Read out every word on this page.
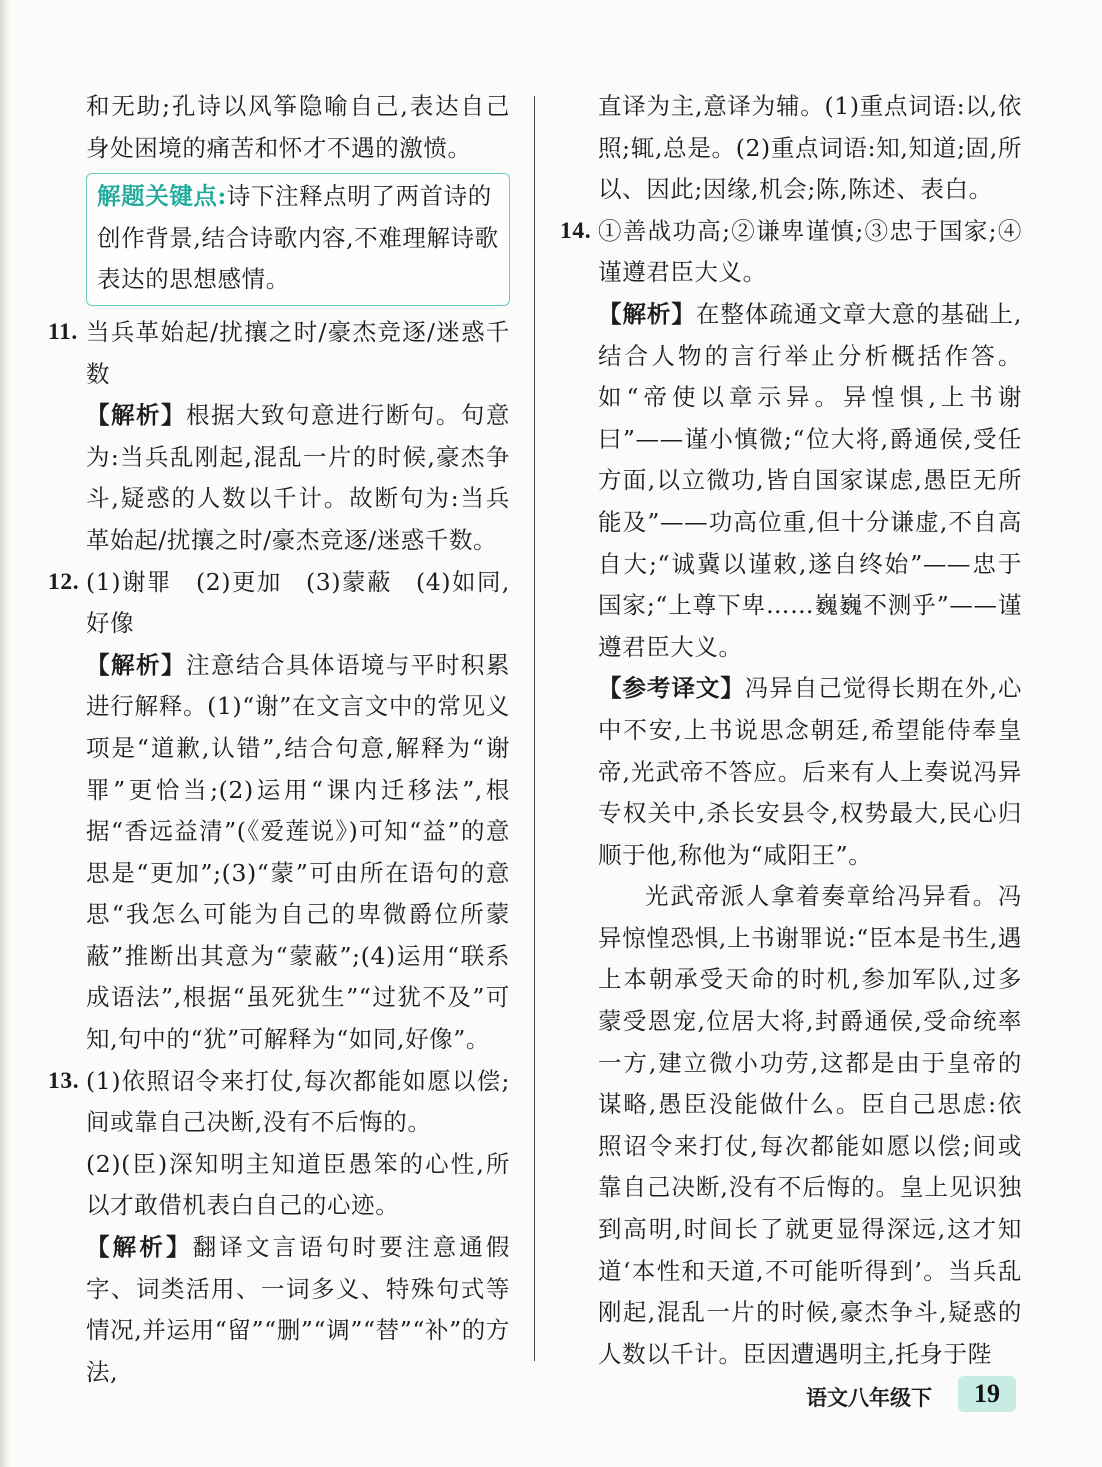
和无助;孔诗以风筝隐喻自己,表达自己身处困境的痛苦和怀才不遇的激愤。

解题关键点:诗下注释点明了两首诗的创作背景,结合诗歌内容,不难理解诗歌表达的思想感情。
11. 当兵革始起/扰攘之时/豪杰竞逐/迷惑千数

【解析】根据大致句意进行断句。句意为:当兵乱刚起,混乱一片的时候,豪杰争斗,疑惑的人数以千计。故断句为:当兵革始起/扰攘之时/豪杰竞逐/迷惑千数。

12. (1)谢罪 (2)更加 (3)蒙蔽 (4)如同,好像

【解析】注意结合具体语境与平时积累进行解释。(1)“谢”在文言文中的常见义项是“道歉,认错”,结合句意,解释为“谢罪”更恰当;(2)运用“课内迁移法”,根据“香远益清”(《爱莲说》)可知“益”的意思是“更加”;(3)“蒙”可由所在语句的意思“我怎么可能为自己的卑微爵位所蒙蔽”推断出其意为“蒙蔽”;(4)运用“联系成语法”,根据“虽死犹生”“过犹不及”可知,句中的“犹”可解释为“如同,好像”。

13. (1)依照诏令来打仗,每次都能如愿以偿;间或靠自己决断,没有不后悔的。

(2)(臣)深知明主知道臣愚笨的心性,所以才敢借机表白自己的心迹。

【解析】翻译文言语句时要注意通假字、词类活用、一词多义、特殊句式等情况,并运用“留”“删”“调”“替”“补”的方法,

直译为主,意译为辅。(1)重点词语:以,依照;辄,总是。(2)重点词语:知,知道;固,所以、因此;因缘,机会;陈,陈述、表白。

14. ①善战功高;②谦卑谨慎;③忠于国家;④谨遵君臣大义。

【解析】在整体疏通文章大意的基础上,结合人物的言行举止分析概括作答。如“帝使以章示异。异惶惧,上书谢曰”——谨小慎微;“位大将,爵通侯,受任方面,以立微功,皆自国家谋虑,愚臣无所能及”——功高位重,但十分谦虚,不自高自大;“诚冀以谨敕,遂自终始”——忠于国家;“上尊下卑……巍巍不测乎”——谨遵君臣大义。

【参考译文】冯异自己觉得长期在外,心中不安,上书说思念朝廷,希望能侍奉皇帝,光武帝不答应。后来有人上奏说冯异专权关中,杀长安县令,权势最大,民心归顺于他,称他为“咸阳王”。

光武帝派人拿着奏章给冯异看。冯异惊惶恐惧,上书谢罪说:“臣本是书生,遇上本朝承受天命的时机,参加军队,过多蒙受恩宠,位居大将,封爵通侯,受命统率一方,建立微小功劳,这都是由于皇帝的谋略,愚臣没能做什么。臣自己思虑:依照诏令来打仗,每次都能如愿以偿;间或靠自己决断,没有不后悔的。皇上见识独到高明,时间长了就更显得深远,这才知道‘本性和天道,不可能听得到’。当兵乱刚起,混乱一片的时候,豪杰争斗,疑惑的人数以千计。臣因遭遇明主,托身于陛

语文八年级下	19
